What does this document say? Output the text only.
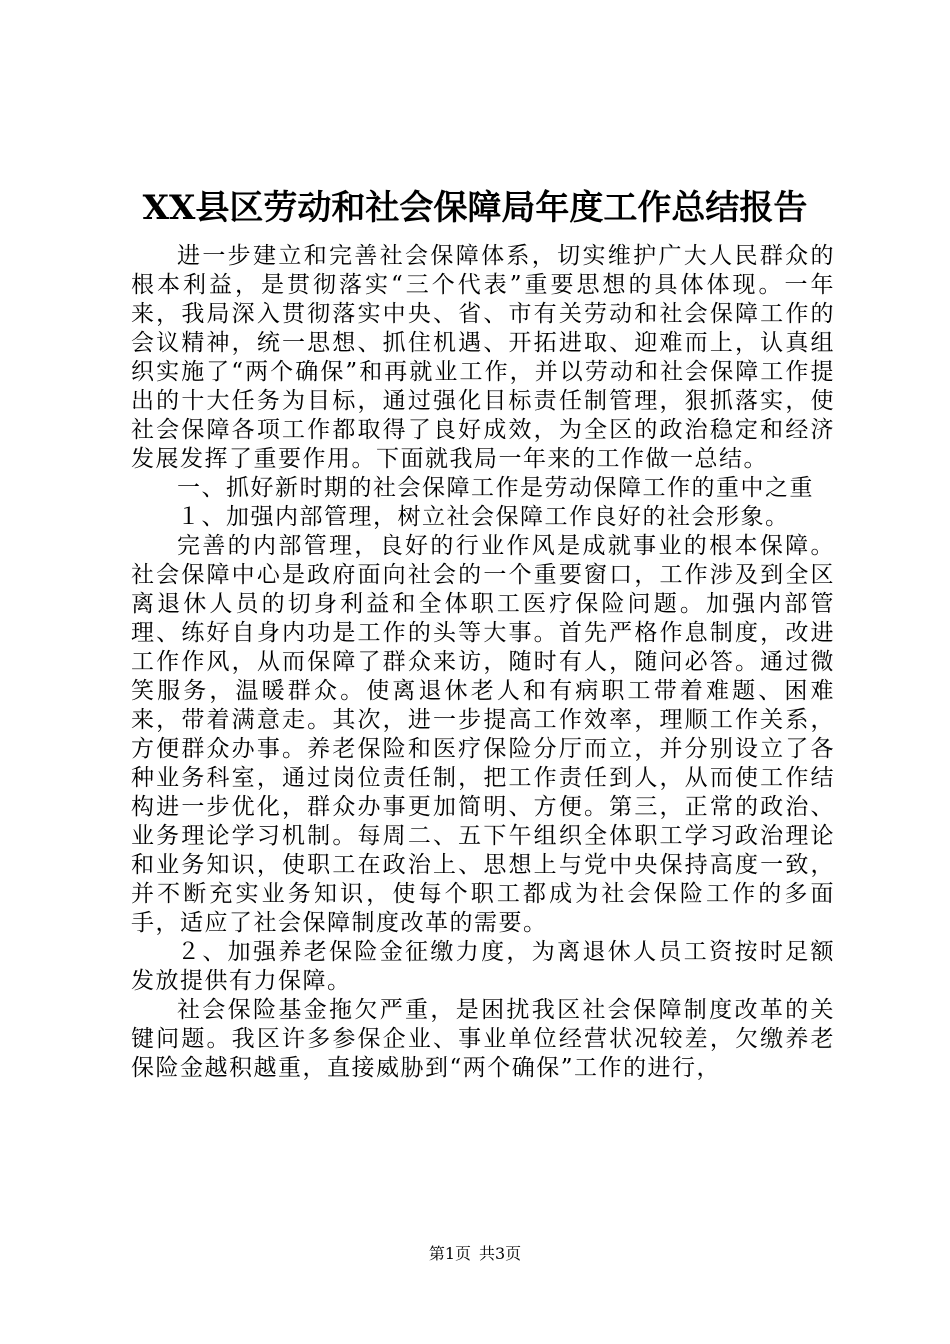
XX县区劳动和社会保障局年度工作总结报告

进一步建立和完善社会保障体系，切实维护广大人民群众的根本利益，是贯彻落实“三个代表”重要思想的具体体现。一年来，我局深入贯彻落实中央、省、市有关劳动和社会保障工作的会议精神，统一思想、抓住机遇、开拓进取、迎难而上，认真组织实施了“两个确保”和再就业工作，并以劳动和社会保障工作提出的十大任务为目标，通过强化目标责任制管理，狠抓落实，使社会保障各项工作都取得了良好成效，为全区的政治稳定和经济发展发挥了重要作用。下面就我局一年来的工作做一总结。

一、抓好新时期的社会保障工作是劳动保障工作的重中之重

１、加强内部管理，树立社会保障工作良好的社会形象。

完善的内部管理，良好的行业作风是成就事业的根本保障。社会保障中心是政府面向社会的一个重要窗口，工作涉及到全区离退休人员的切身利益和全体职工医疗保险问题。加强内部管理、练好自身内功是工作的头等大事。首先严格作息制度，改进工作作风，从而保障了群众来访，随时有人，随问必答。通过微笑服务，温暖群众。使离退休老人和有病职工带着难题、困难来，带着满意走。其次，进一步提高工作效率，理顺工作关系，方便群众办事。养老保险和医疗保险分厅而立，并分别设立了各种业务科室，通过岗位责任制，把工作责任到人，从而使工作结构进一步优化，群众办事更加简明、方便。第三，正常的政治、业务理论学习机制。每周二、五下午组织全体职工学习政治理论和业务知识，使职工在政治上、思想上与党中央保持高度一致，并不断充实业务知识，使每个职工都成为社会保险工作的多面手，适应了社会保障制度改革的需要。

２、加强养老保险金征缴力度，为离退休人员工资按时足额发放提供有力保障。

社会保险基金拖欠严重，是困扰我区社会保障制度改革的关键问题。我区许多参保企业、事业单位经营状况较差，欠缴养老保险金越积越重，直接威胁到“两个确保”工作的进行，

第1页 共3页
